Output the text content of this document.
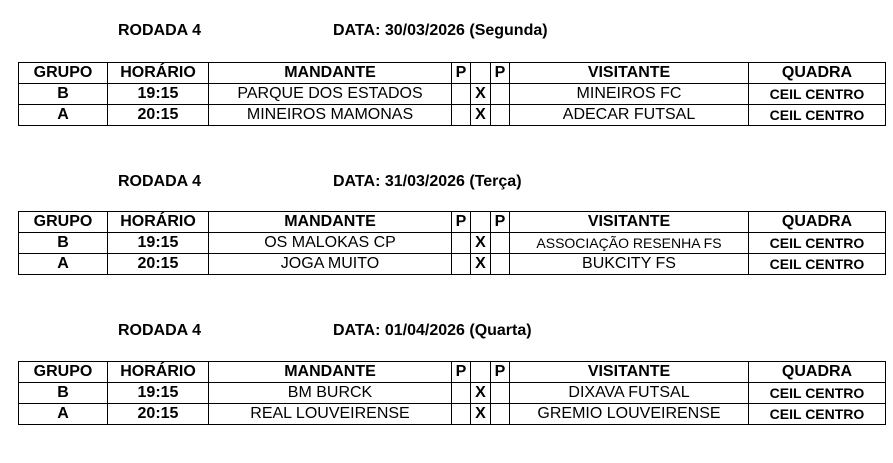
RODADA 4	DATA: 30/03/2026 (Segunda)
GRUPO	HORÁRIO	MANDANTE	P		P	VISITANTE	QUADRA
B	19:15	PARQUE DOS ESTADOS		X		MINEIROS FC	CEIL CENTRO
A	20:15	MINEIROS MAMONAS		X		ADECAR FUTSAL	CEIL CENTRO
RODADA 4	DATA: 31/03/2026 (Terça)
GRUPO	HORÁRIO	MANDANTE	P		P	VISITANTE	QUADRA
B	19:15	OS MALOKAS CP		X		ASSOCIAÇÃO RESENHA FS	CEIL CENTRO
A	20:15	JOGA MUITO		X		BUKCITY FS	CEIL CENTRO
RODADA 4	DATA: 01/04/2026 (Quarta)
GRUPO	HORÁRIO	MANDANTE	P		P	VISITANTE	QUADRA
B	19:15	BM BURCK		X		DIXAVA FUTSAL	CEIL CENTRO
A	20:15	REAL LOUVEIRENSE		X		GREMIO LOUVEIRENSE	CEIL CENTRO
